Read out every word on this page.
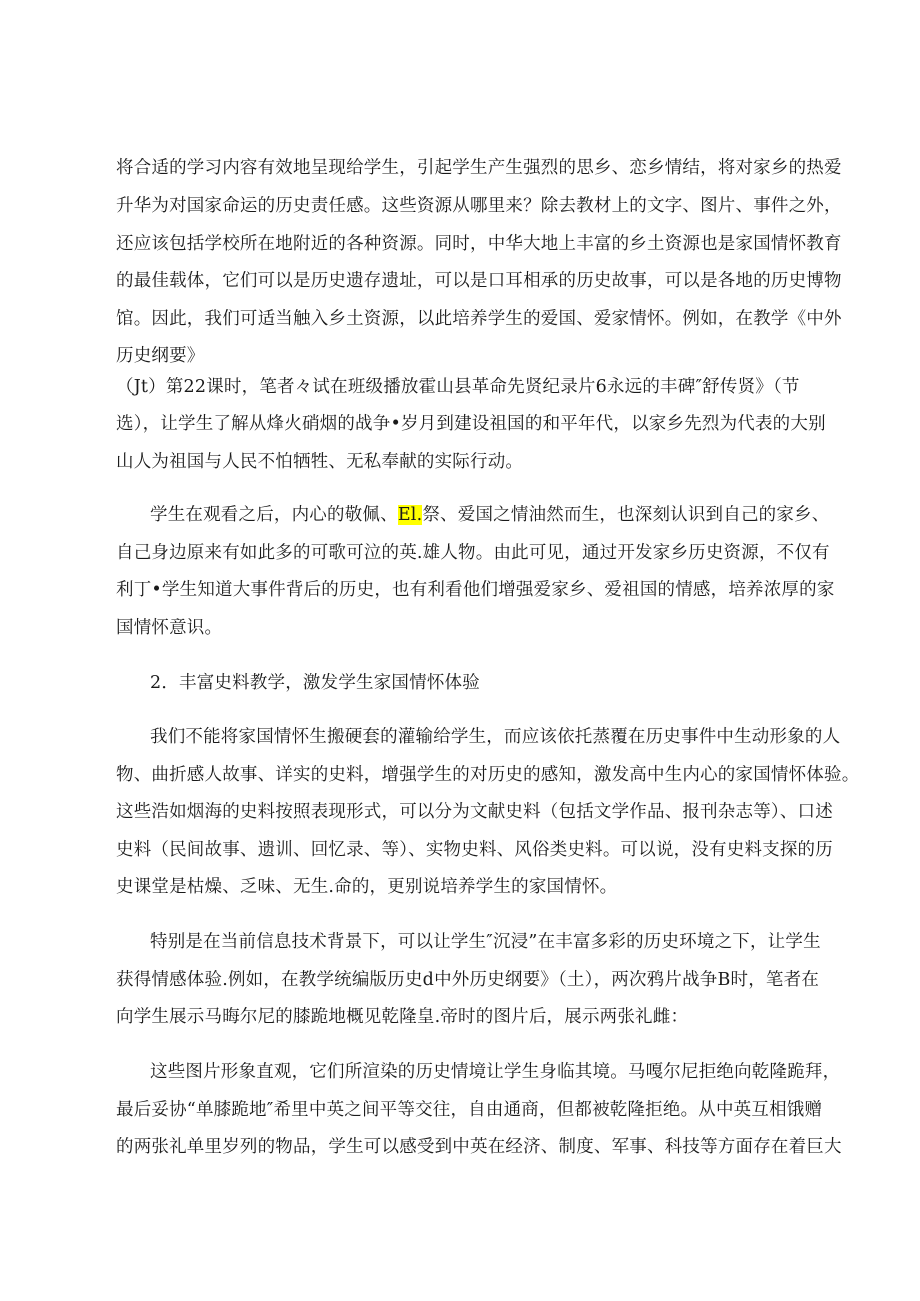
将合适的学习内容有效地呈现给学生，引起学生产生强烈的思乡、恋乡情结，将对家乡的热爱
升华为对国家命运的历史责任感。这些资源从哪里来？除去教材上的文字、图片、事件之外，
还应该包括学校所在地附近的各种资源。同时，中华大地上丰富的乡土资源也是家国情怀教育
的最佳载体，它们可以是历史遗存遗址，可以是口耳相承的历史故事，可以是各地的历史博物
馆。因此，我们可适当触入乡土资源，以此培养学生的爱国、爱家情怀。例如，在教学《中外
历史纲要》
（Jt）第22课时，笔者々试在班级播放霍山县革命先贤纪录片6永远的丰碑″舒传贤》（节
选），让学生了解从烽火硝烟的战争•岁月到建设祖国的和平年代，以家乡先烈为代表的大别
山人为祖国与人民不怕牺牲、无私奉献的实际行动。
学生在观看之后，内心的敬佩、El.祭、爱国之情油然而生，也深刻认识到自己的家乡、
自己身边原来有如此多的可歌可泣的英.雄人物。由此可见，通过开发家乡历史资源，不仅有
利丁•学生知道大事件背后的历史，也有利看他们增强爱家乡、爱祖国的情感，培养浓厚的家
国情怀意识。
2．丰富史料教学，激发学生家国情怀体验
我们不能将家国情怀生搬硬套的灌输给学生，而应该依托蒸覆在历史事件中生动形象的人
物、曲折感人故事、详实的史料，增强学生的对历史的感知，激发高中生内心的家国情怀体验。
这些浩如烟海的史料按照表现形式，可以分为文献史料（包括文学作品、报刊杂志等）、口述
史料（民间故事、遗训、回忆录、等）、实物史料、风俗类史料。可以说，没有史料支探的历
史课堂是枯燥、乏味、无生.命的，更别说培养学生的家国情怀。
特别是在当前信息技术背景下，可以让学生″沉浸”在丰富多彩的历史环境之下，让学生
获得情感体验.例如，在教学统编版历史d中外历史纲要》（土），两次鸦片战争B时，笔者在
向学生展示马晦尔尼的膝跪地概见乾隆皇.帝时的图片后，展示两张礼雌：
这些图片形象直观，它们所渲染的历史情境让学生身临其境。马嘎尔尼拒绝向乾隆跪拜，
最后妥协“单膝跪地″希里中英之间平等交往，自由通商，但都被乾隆拒绝。从中英互相饿赠
的两张礼单里岁列的物品，学生可以感受到中英在经济、制度、军事、科技等方面存在着巨大
